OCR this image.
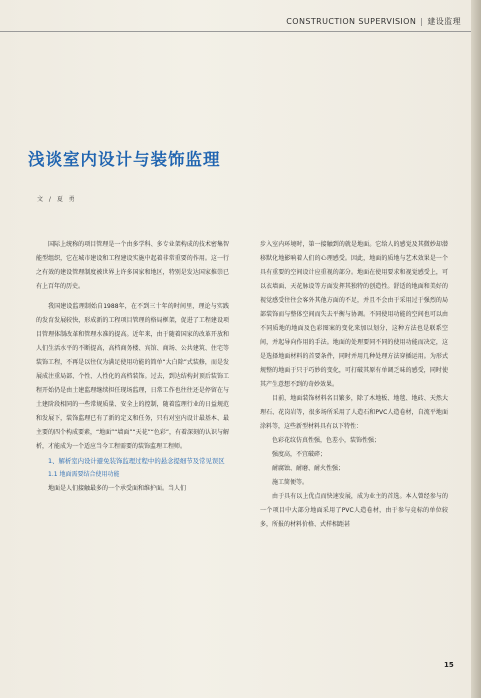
CONSTRUCTION SUPERVISION | 建设监理
浅谈室内设计与装饰监理
文 / 夏 勇

国际上统称的项目管理是一个由多学科、多专业架构成的技术密集智能型组织，它在城市建设和工程建设实施中起着非常重要的作用。这一行之有效的建设管理制度被世界上许多国家和地区，特别是发达国家推崇已有上百年的历史。

我国建设监理制始自1988年，在不到三十年的时间里，理论与实践的发育发展较快，形成新的工程项目管理的格局框架，促进了工程建设项目管理体制改革和管理水准的提高。近年来，由于随着国家的改革开放和人们生活水平的不断提高，高档商务楼、宾馆、商场、公共建筑、住宅等装饰工程，不再是以往仅为满足使用功能的简单“大白除”式装修，而是发展成注重局部、个性、人性化的高档装饰。过去，到达结构封顶后装饰工程开始仍是由土建监理继续担任现场监理，日常工作也往往还是停留在与土建阶段相同的一些常规质量、安全上的控制，随着监理行业的日益规范和发展下，装饰监理已有了新的定义和任务，只有对室内设计最基本、最主要的四个构成要素，“地面”“墙面”“天花”“色彩”，有着深刻的认识与解析，才能成为一个适应当今工程需要的装饰监理工程师。

1、解析室内设计避免装饰监理过程中的悬念提细节及常见误区

1.1 地面需要结合使用功能

地面是人们接触最多的一个承受面和维护面。当人们

步入室内环境时，第一接触到的就是地面。它给人的感觉及其微妙却潜移默化地影响着人们的心理感受。因此，地面的质地与艺术效果是一个具有重要的空间设计应重视的部分。地面在使用要求和视觉感受上，可以衣墙面、天花脉设等方面发挥其独特的创造性。舒适的地面和美好的视觉感受往往会客外其他方面的不足，并且不会由于采用过于强烈的局部装饰而与整体空间而失去平衡与协调。不同使用功能的空间也可以由不同质地的地面及色彩图案的变化来加以划分，这种方法也是联系空间，并起导向作用的手法。地面的处理要同不同的使用功能而决定，这是选择地面材料的首要条件，同时并用几种处理方法穿插运用。为形式规整的地面于只于巧妙的变化，可打破其原有单调乏味的感受，同时使其产生意想不到的奇妙效果。

目前，地面装饰材料名目繁多，除了木地板、地毯、地砖、天然大理石、花岗岩等，很多场所采用了人造石和PVC人造卷材，自流平地面涂料等，这些新型材料具有以下特性：

色彩花纹仿真性强，色差小，装饰性强；

强度高，不宜破碎；

耐腐蚀、耐磨、耐火性强；

施工简便等。

由于具有以上优点而快速发展，成为业主的首选。本人曾经参与的一个项目中大部分地面采用了PVC人造卷材，由于参与竞标的单位较多，所报的材料价格、式样相距甚

15
